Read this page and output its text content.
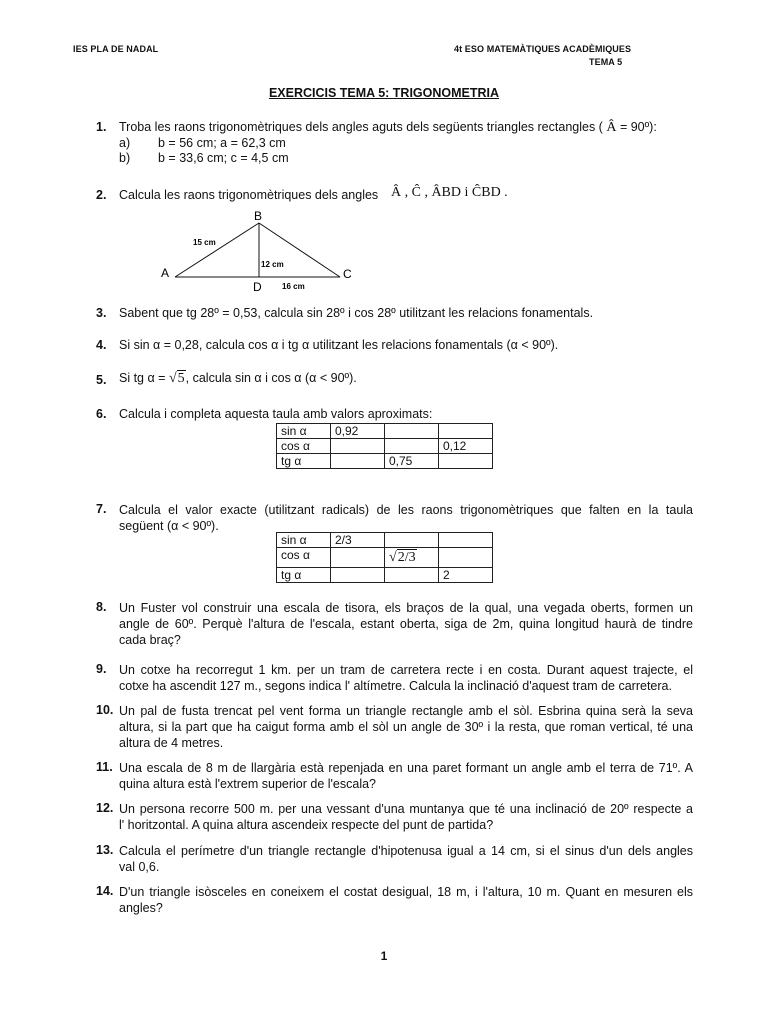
IES PLA DE NADAL	4t ESO MATEMÀTIQUES ACADÈMIQUES
TEMA 5
EXERCICIS TEMA 5: TRIGONOMETRIA
1. Troba les raons trigonomètriques dels angles aguts dels següents triangles rectangles ( Â = 90º):
a) b = 56 cm; a = 62,3 cm
b) b = 33,6 cm; c = 4,5 cm
2. Calcula les raons trigonomètriques dels angles Â , Ĉ , ÂBD i ĈBD .
B
A	C
D
15 cm
12 cm
16 cm
3. Sabent que tg 28º = 0,53, calcula sin 28º i cos 28º utilitzant les relacions fonamentals.
4. Si sin α = 0,28, calcula cos α i tg α utilitzant les relacions fonamentals (α < 90º).
5. Si tg α = √5, calcula sin α i cos α (α < 90º).
6. Calcula i completa aquesta taula amb valors aproximats:
sin α	0,92		
cos α			0,12
tg α		0,75	
7. Calcula el valor exacte (utilitzant radicals) de les raons trigonomètriques que falten en la taula
següent (α < 90º).
sin α	2/3		
cos α		√2/3	
tg α			2
8. Un Fuster vol construir una escala de tisora, els braços de la qual, una vegada oberts, formen un
angle de 60º. Perquè l'altura de l'escala, estant oberta, siga de 2m, quina longitud haurà de tindre
cada braç?
9. Un cotxe ha recorregut 1 km. per un tram de carretera recte i en costa. Durant aquest trajecte, el
cotxe ha ascendit 127 m., segons indica l' altímetre. Calcula la inclinació d'aquest tram de carretera.
10. Un pal de fusta trencat pel vent forma un triangle rectangle amb el sòl. Esbrina quina serà la seva
altura, si la part que ha caigut forma amb el sòl un angle de 30º i la resta, que roman vertical, té una
altura de 4 metres.
11. Una escala de 8 m de llargària està repenjada en una paret formant un angle amb el terra de 71º. A
quina altura està l'extrem superior de l'escala?
12. Un persona recorre 500 m. per una vessant d'una muntanya que té una inclinació de 20º respecte a
l' horitzontal. A quina altura ascendeix respecte del punt de partida?
13. Calcula el perímetre d'un triangle rectangle d'hipotenusa igual a 14 cm, si el sinus d'un dels angles
val 0,6.
14. D'un triangle isòsceles en coneixem el costat desigual, 18 m, i l'altura, 10 m. Quant en mesuren els
angles?
1
